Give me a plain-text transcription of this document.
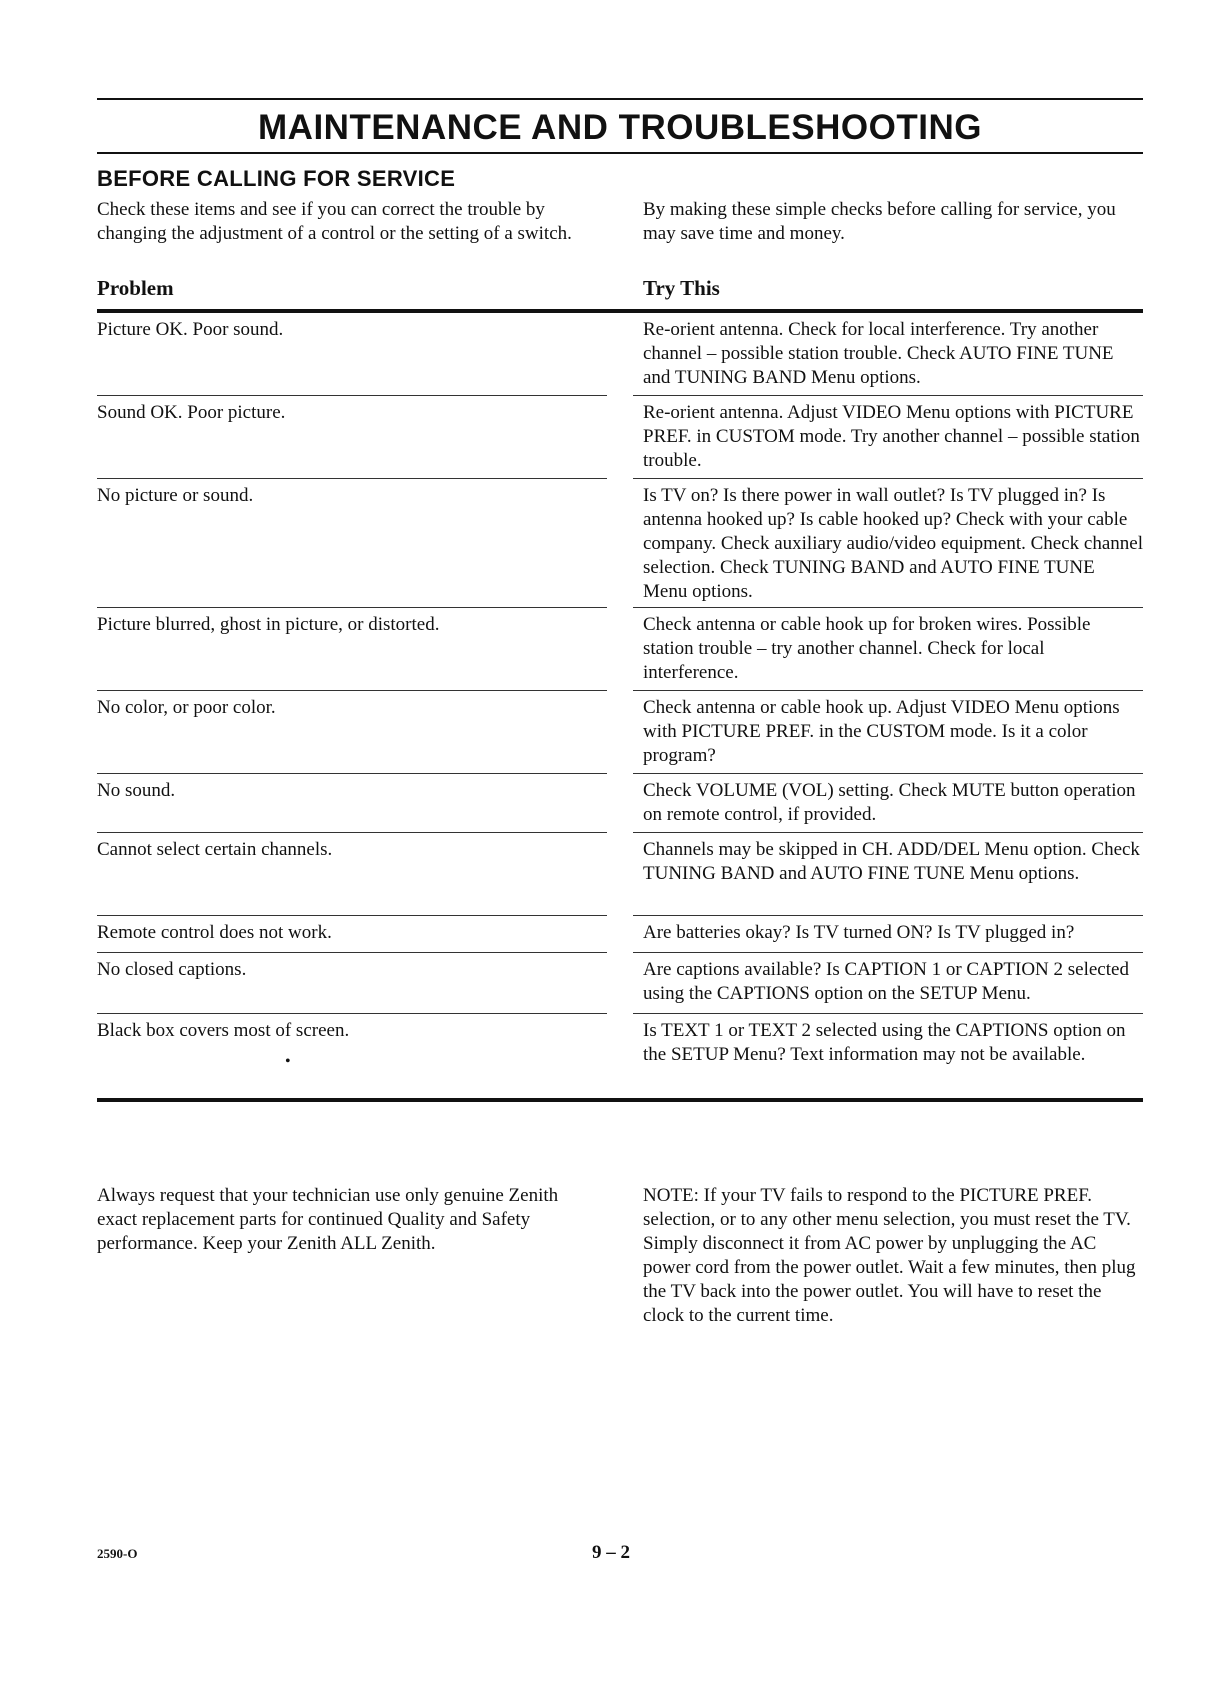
MAINTENANCE AND TROUBLESHOOTING
BEFORE CALLING FOR SERVICE
Check these items and see if you can correct the trouble by changing the adjustment of a control or the setting of a switch.
By making these simple checks before calling for service, you may save time and money.
Problem	Try This
Picture OK. Poor sound.	Re-orient antenna. Check for local interference. Try another channel – possible station trouble. Check AUTO FINE TUNE and TUNING BAND Menu options.
Sound OK. Poor picture.	Re-orient antenna. Adjust VIDEO Menu options with PICTURE PREF. in CUSTOM mode. Try another channel – possible station trouble.
No picture or sound.	Is TV on? Is there power in wall outlet? Is TV plugged in? Is antenna hooked up? Is cable hooked up? Check with your cable company. Check auxiliary audio/video equipment. Check channel selection. Check TUNING BAND and AUTO FINE TUNE Menu options.
Picture blurred, ghost in picture, or distorted.	Check antenna or cable hook up for broken wires. Possible station trouble – try another channel. Check for local interference.
No color, or poor color.	Check antenna or cable hook up. Adjust VIDEO Menu options with PICTURE PREF. in the CUSTOM mode. Is it a color program?
No sound.	Check VOLUME (VOL) setting. Check MUTE button operation on remote control, if provided.
Cannot select certain channels.	Channels may be skipped in CH. ADD/DEL Menu option. Check TUNING BAND and AUTO FINE TUNE Menu options.
Remote control does not work.	Are batteries okay? Is TV turned ON? Is TV plugged in?
No closed captions.	Are captions available? Is CAPTION 1 or CAPTION 2 selected using the CAPTIONS option on the SETUP Menu.
Black box covers most of screen.	Is TEXT 1 or TEXT 2 selected using the CAPTIONS option on the SETUP Menu? Text information may not be available.
•
Always request that your technician use only genuine Zenith exact replacement parts for continued Quality and Safety performance. Keep your Zenith ALL Zenith.
NOTE: If your TV fails to respond to the PICTURE PREF. selection, or to any other menu selection, you must reset the TV. Simply disconnect it from AC power by unplugging the AC power cord from the power outlet. Wait a few minutes, then plug the TV back into the power outlet. You will have to reset the clock to the current time.
2590-O	9 – 2
